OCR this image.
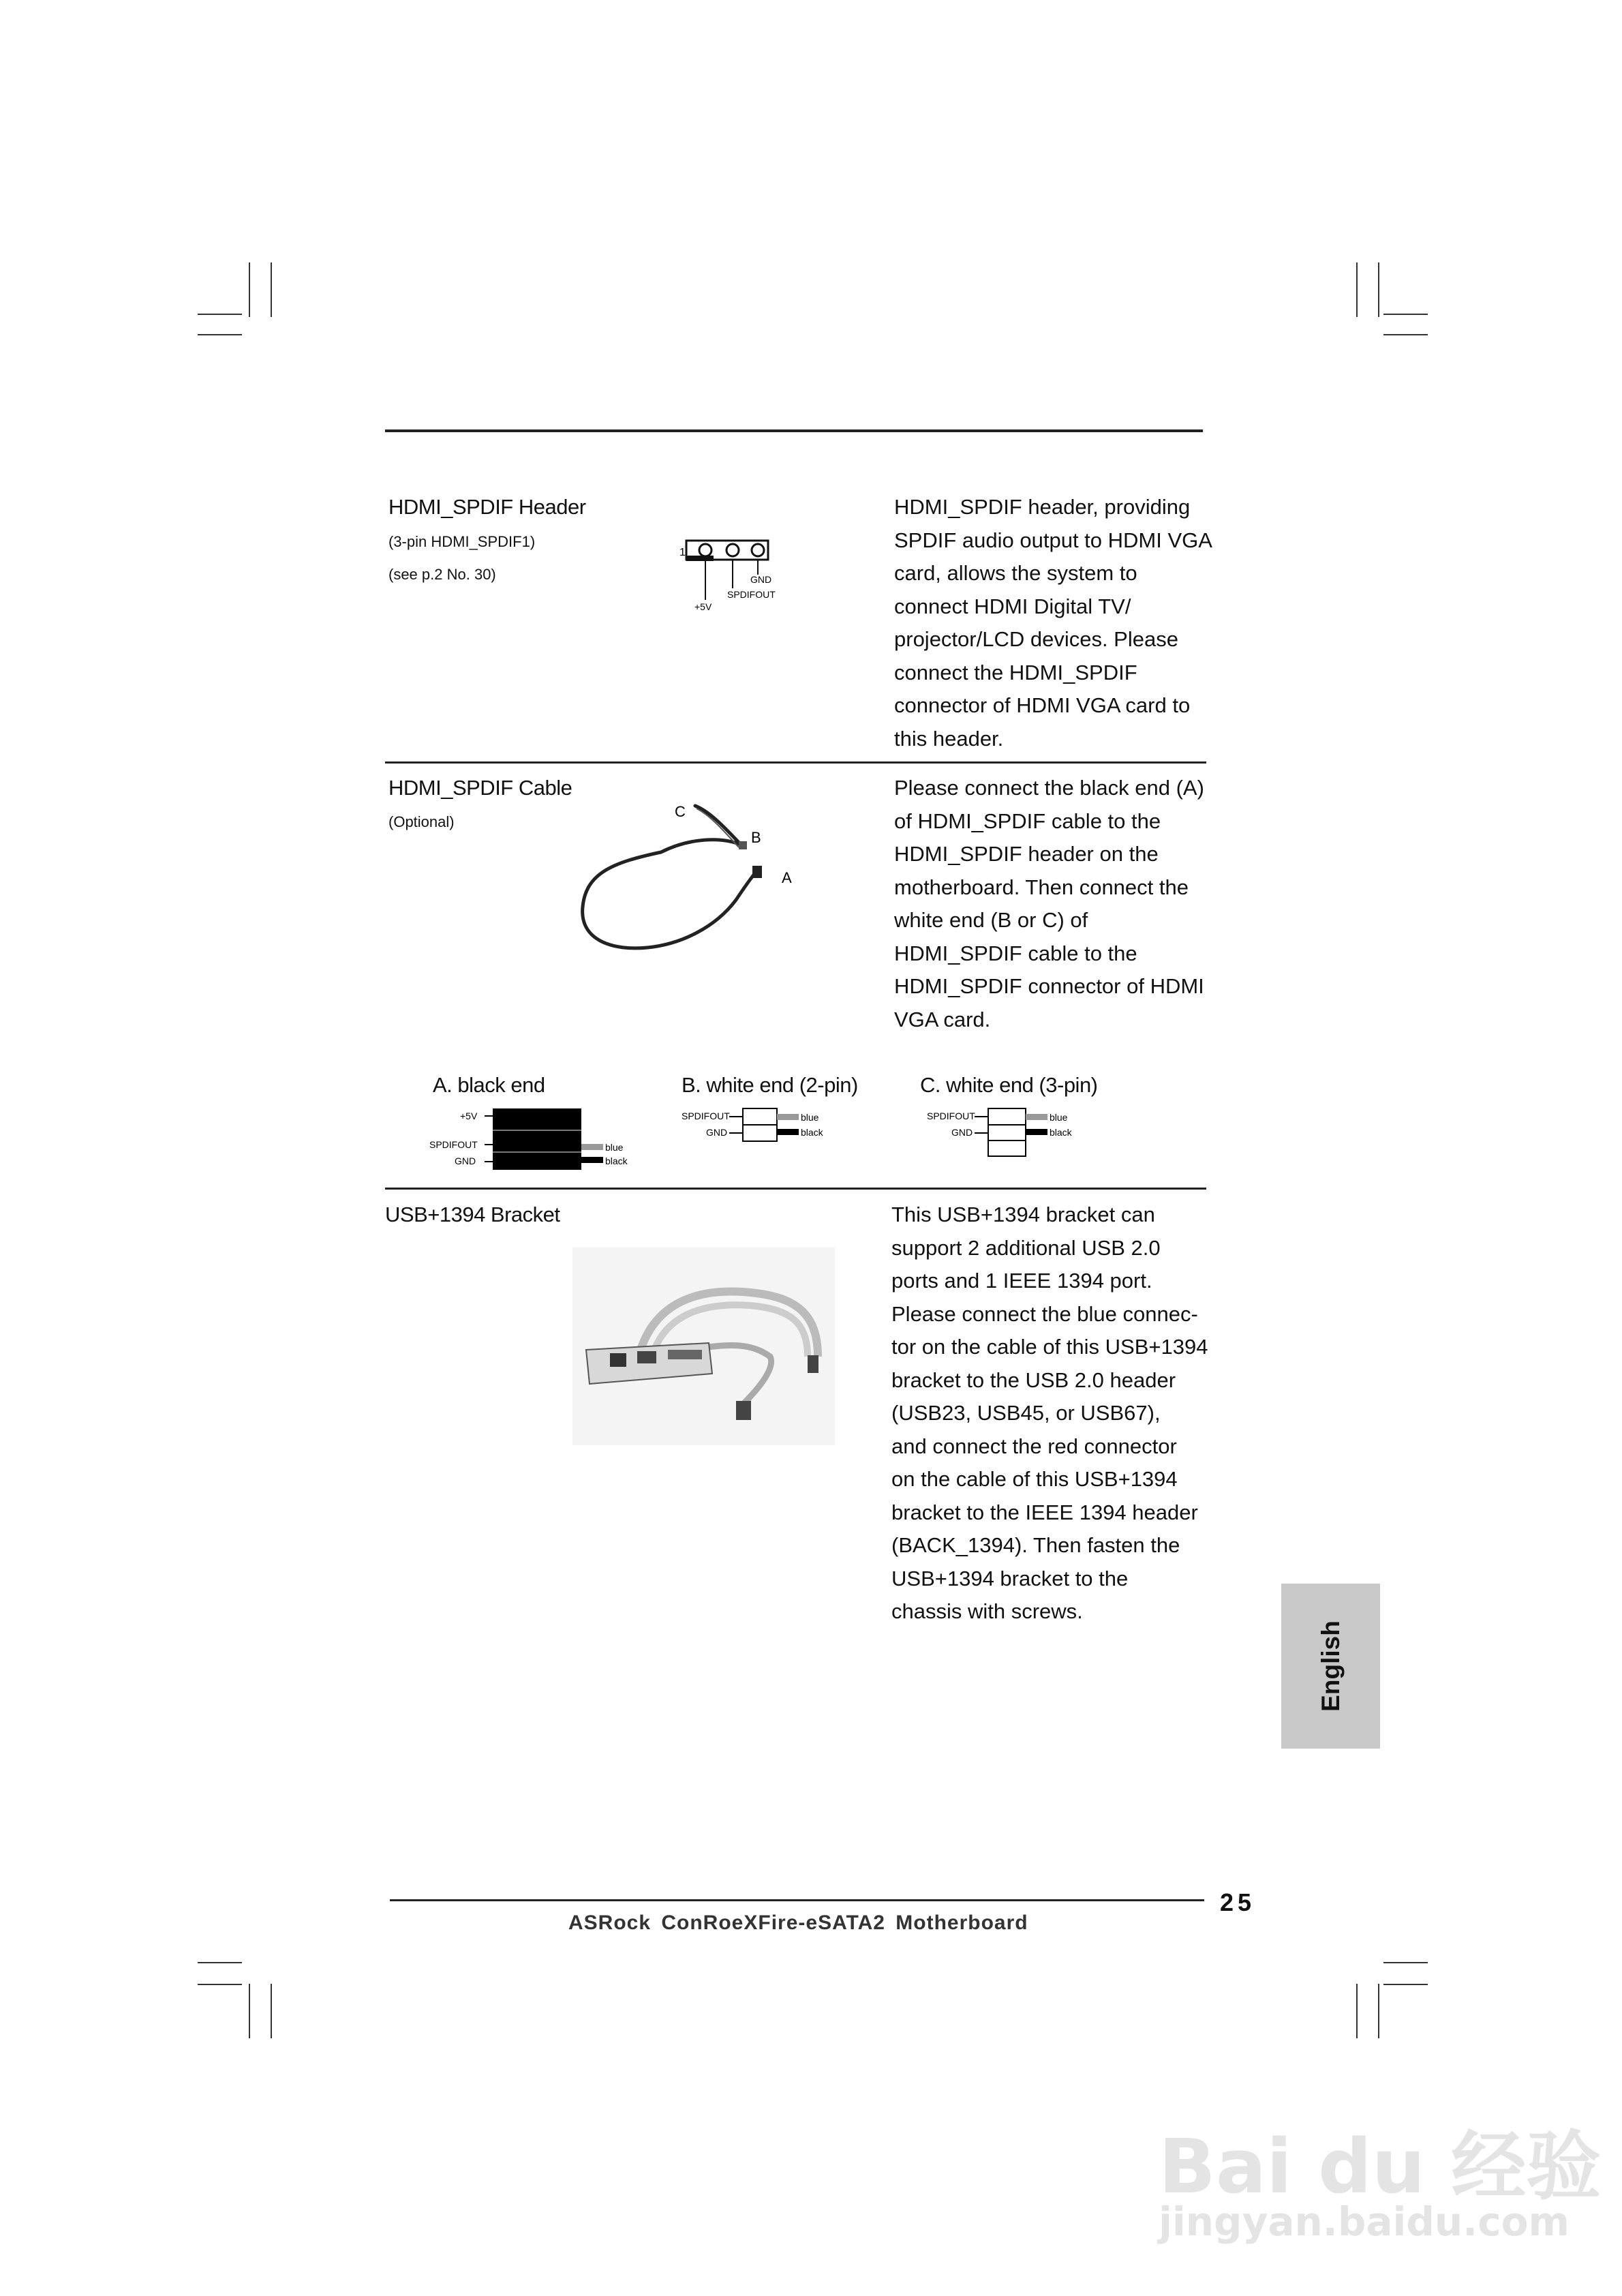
HDMI_SPDIF Header
(3-pin HDMI_SPDIF1)
(see p.2 No. 30)
1
GND
SPDIFOUT
+5V
HDMI_SPDIF header, providing
SPDIF audio output to HDMI VGA
card, allows the system to
connect HDMI Digital TV/
projector/LCD devices. Please
connect the HDMI_SPDIF
connector of HDMI VGA card to
this header.
HDMI_SPDIF Cable
(Optional)
C
B
A
Please connect the black end (A)
of HDMI_SPDIF cable to the
HDMI_SPDIF header on the
motherboard. Then connect the
white end (B or C) of
HDMI_SPDIF cable to the
HDMI_SPDIF connector of HDMI
VGA card.
A. black end	B. white end (2-pin)	C. white end (3-pin)
+5V
SPDIFOUT
GND
blue
black
SPDIFOUT
GND
blue
black
SPDIFOUT
GND
blue
black
USB+1394 Bracket	This USB+1394 bracket can
support 2 additional USB 2.0
ports and 1 IEEE 1394 port.
Please connect the blue connec-
tor on the cable of this USB+1394
bracket to the USB 2.0 header
(USB23, USB45, or USB67),
and connect the red connector
on the cable of this USB+1394
bracket to the IEEE 1394 header
(BACK_1394). Then fasten the
USB+1394 bracket to the
chassis with screws.
English
25
ASRock ConRoeXFire-eSATA2 Motherboard
Bai du 经验
jingyan.baidu.com
